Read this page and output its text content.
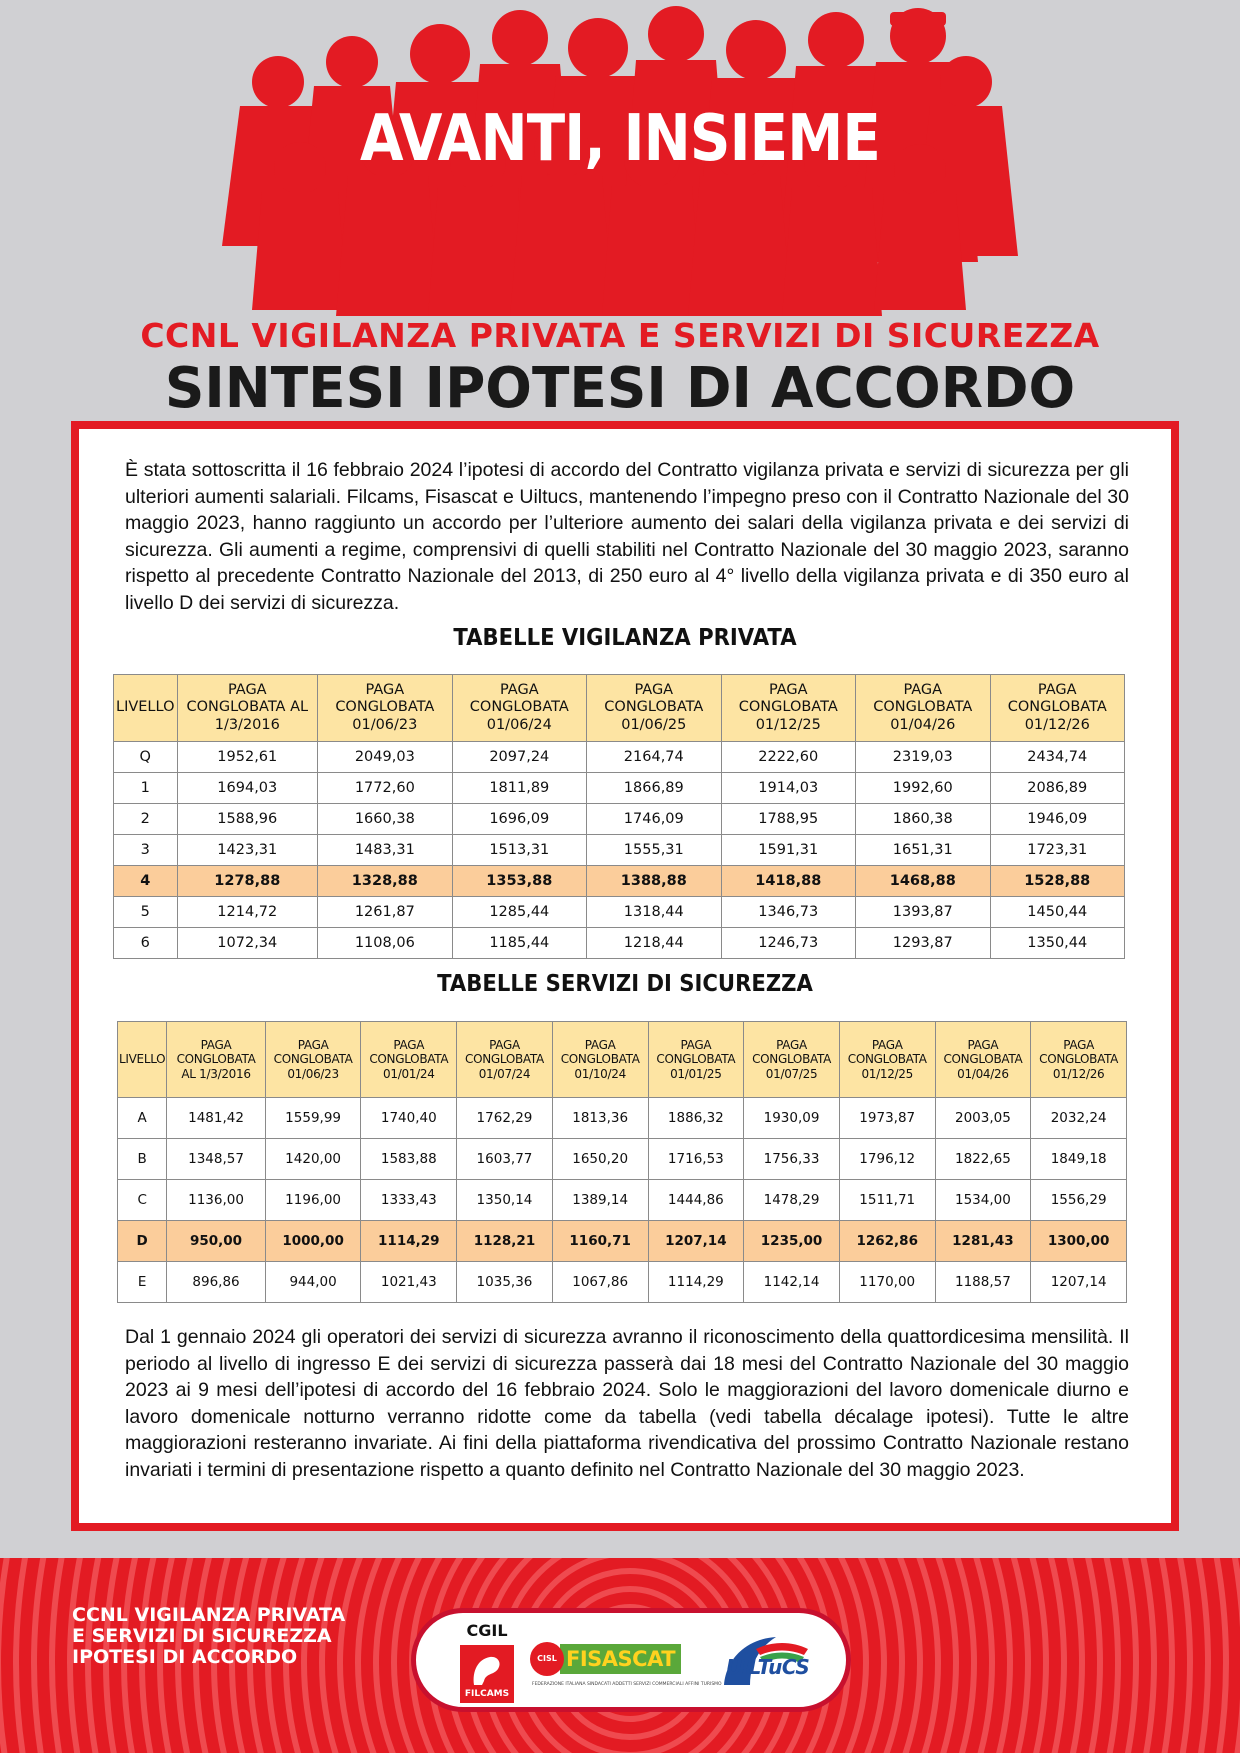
AVANTI, INSIEME
CCNL VIGILANZA PRIVATA E SERVIZI DI SICUREZZA
SINTESI IPOTESI DI ACCORDO

È stata sottoscritta il 16 febbraio 2024 l’ipotesi di accordo del Contratto vigilanza privata e servizi di sicurezza per gli ulteriori aumenti salariali. Filcams, Fisascat e Uiltucs, mantenendo l’impegno preso con il Contratto Nazionale del 30 maggio 2023, hanno raggiunto un accordo per l’ulteriore aumento dei salari della vigilanza privata e dei servizi di sicurezza. Gli aumenti a regime, comprensivi di quelli stabiliti nel Contratto Nazionale del 30 maggio 2023, saranno rispetto al precedente Contratto Nazionale del 2013, di 250 euro al 4° livello della vigilanza privata e di 350 euro al livello D dei servizi di sicurezza.

TABELLE VIGILANZA PRIVATA
LIVELLO	PAGA CONGLOBATA AL 1/3/2016	PAGA CONGLOBATA 01/06/23	PAGA CONGLOBATA 01/06/24	PAGA CONGLOBATA 01/06/25	PAGA CONGLOBATA 01/12/25	PAGA CONGLOBATA 01/04/26	PAGA CONGLOBATA 01/12/26
Q	1952,61	2049,03	2097,24	2164,74	2222,60	2319,03	2434,74
1	1694,03	1772,60	1811,89	1866,89	1914,03	1992,60	2086,89
2	1588,96	1660,38	1696,09	1746,09	1788,95	1860,38	1946,09
3	1423,31	1483,31	1513,31	1555,31	1591,31	1651,31	1723,31
4	1278,88	1328,88	1353,88	1388,88	1418,88	1468,88	1528,88
5	1214,72	1261,87	1285,44	1318,44	1346,73	1393,87	1450,44
6	1072,34	1108,06	1185,44	1218,44	1246,73	1293,87	1350,44
TABELLE SERVIZI DI SICUREZZA
LIVELLO	PAGA CONGLOBATA AL 1/3/2016	PAGA CONGLOBATA 01/06/23	PAGA CONGLOBATA 01/01/24	PAGA CONGLOBATA 01/07/24	PAGA CONGLOBATA 01/10/24	PAGA CONGLOBATA 01/01/25	PAGA CONGLOBATA 01/07/25	PAGA CONGLOBATA 01/12/25	PAGA CONGLOBATA 01/04/26	PAGA CONGLOBATA 01/12/26
A	1481,42	1559,99	1740,40	1762,29	1813,36	1886,32	1930,09	1973,87	2003,05	2032,24
B	1348,57	1420,00	1583,88	1603,77	1650,20	1716,53	1756,33	1796,12	1822,65	1849,18
C	1136,00	1196,00	1333,43	1350,14	1389,14	1444,86	1478,29	1511,71	1534,00	1556,29
D	950,00	1000,00	1114,29	1128,21	1160,71	1207,14	1235,00	1262,86	1281,43	1300,00
E	896,86	944,00	1021,43	1035,36	1067,86	1114,29	1142,14	1170,00	1188,57	1207,14

Dal 1 gennaio 2024 gli operatori dei servizi di sicurezza avranno il riconoscimento della quattordicesima mensilità. Il periodo al livello di ingresso E dei servizi di sicurezza passerà dai 18 mesi del Contratto Nazionale del 30 maggio 2023 ai 9 mesi dell’ipotesi di accordo del 16 febbraio 2024. Solo le maggiorazioni del lavoro domenicale diurno e lavoro domenicale notturno verranno ridotte come da tabella (vedi tabella décalage ipotesi). Tutte le altre maggiorazioni resteranno invariate. Ai fini della piattaforma rivendicativa del prossimo Contratto Nazionale restano invariati i termini di presentazione rispetto a quanto definito nel Contratto Nazionale del 30 maggio 2023.

CCNL VIGILANZA PRIVATA
E SERVIZI DI SICUREZZA
IPOTESI DI ACCORDO
CGIL
FILCAMS
FISASCAT
CISL
FEDERAZIONE ITALIANA SINDACATI ADDETTI SERVIZI COMMERCIALI AFFINI TURISMO
UILTuCS
